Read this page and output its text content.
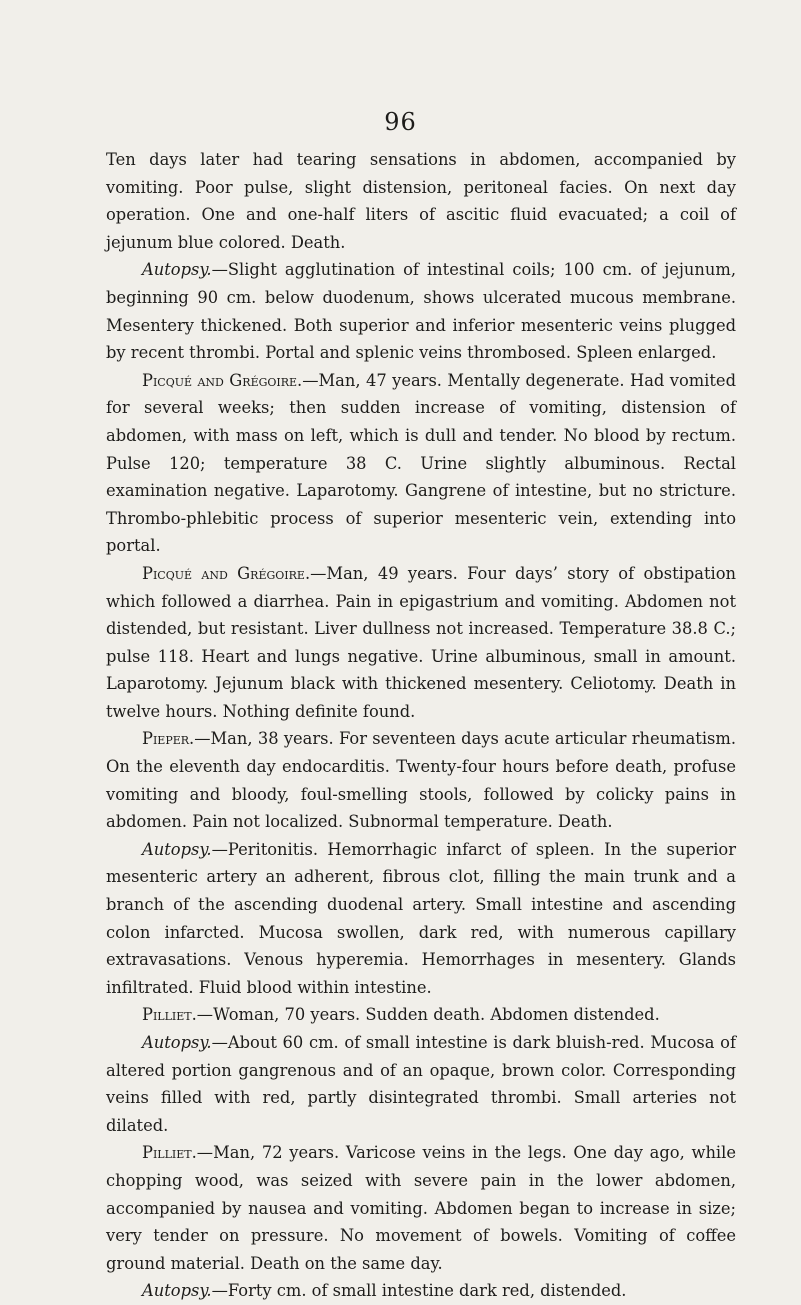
96

Ten days later had tearing sensations in abdomen, accompanied by vomiting. Poor pulse, slight distension, peritoneal facies. On next day operation. One and one-half liters of ascitic fluid evacuated; a coil of jejunum blue colored. Death.

Autopsy.—Slight agglutination of intestinal coils; 100 cm. of jejunum, beginning 90 cm. below duodenum, shows ulcerated mucous membrane. Mesentery thickened. Both superior and inferior mesenteric veins plugged by recent thrombi. Portal and splenic veins thrombosed. Spleen enlarged.

Picqué and Grégoire.—Man, 47 years. Mentally degenerate. Had vomited for several weeks; then sudden increase of vomiting, distension of abdomen, with mass on left, which is dull and tender. No blood by rectum. Pulse 120; temperature 38 C. Urine slightly albuminous. Rectal examination negative. Laparotomy. Gangrene of intestine, but no stricture. Thrombo-phlebitic process of superior mesenteric vein, extending into portal.

Picqué and Grégoire.—Man, 49 years. Four days’ story of obstipation which followed a diarrhea. Pain in epigastrium and vomiting. Abdomen not distended, but resistant. Liver dullness not increased. Temperature 38.8 C.; pulse 118. Heart and lungs negative. Urine albuminous, small in amount. Laparotomy. Jejunum black with thickened mesentery. Celiotomy. Death in twelve hours. Nothing definite found.

Pieper.—Man, 38 years. For seventeen days acute articular rheumatism. On the eleventh day endocarditis. Twenty-four hours before death, profuse vomiting and bloody, foul-smelling stools, followed by colicky pains in abdomen. Pain not localized. Subnormal temperature. Death.

Autopsy.—Peritonitis. Hemorrhagic infarct of spleen. In the superior mesenteric artery an adherent, fibrous clot, filling the main trunk and a branch of the ascending duodenal artery. Small intestine and ascending colon infarcted. Mucosa swollen, dark red, with numerous capillary extravasations. Venous hyperemia. Hemorrhages in mesentery. Glands infiltrated. Fluid blood within intestine.

Pilliet.—Woman, 70 years. Sudden death. Abdomen distended.

Autopsy.—About 60 cm. of small intestine is dark bluish-red. Mucosa of altered portion gangrenous and of an opaque, brown color. Corresponding veins filled with red, partly disintegrated thrombi. Small arteries not dilated.

Pilliet.—Man, 72 years. Varicose veins in the legs. One day ago, while chopping wood, was seized with severe pain in the lower abdomen, accompanied by nausea and vomiting. Abdomen began to increase in size; very tender on pressure. No movement of bowels. Vomiting of coffee ground material. Death on the same day.

Autopsy.—Forty cm. of small intestine dark red, distended.
